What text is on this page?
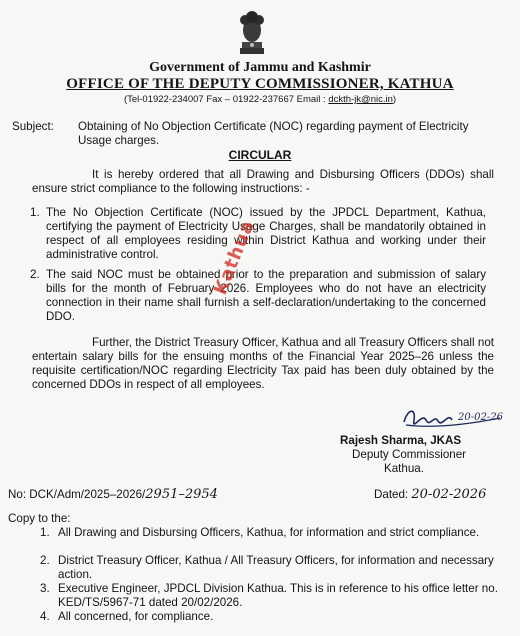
Government of Jammu and Kashmir
OFFICE OF THE DEPUTY COMMISSIONER, KATHUA
(Tel-01922-234007 Fax – 01922-237667 Email : dckth-jk@nic.in)
Subject: Obtaining of No Objection Certificate (NOC) regarding payment of Electricity Usage charges.
CIRCULAR
It is hereby ordered that all Drawing and Disbursing Officers (DDOs) shall ensure strict compliance to the following instructions: -
1. The No Objection Certificate (NOC) issued by the JPDCL Department, Kathua, certifying the payment of Electricity Usage Charges, shall be mandatorily obtained in respect of all employees residing within District Kathua and working under their administrative control.
2. The said NOC must be obtained prior to the preparation and submission of salary bills for the month of February 2026. Employees who do not have an electricity connection in their name shall furnish a self-declaration/undertaking to the concerned DDO.
Further, the District Treasury Officer, Kathua and all Treasury Officers shall not entertain salary bills for the ensuing months of the Financial Year 2025–26 unless the requisite certification/NOC regarding Electricity Tax paid has been duly obtained by the concerned DDOs in respect of all employees.
20-02-26
Rajesh Sharma, JKAS
Deputy Commissioner
Kathua.
No: DCK/Adm/2025–2026/2951–2954	Dated: 20-02-2026
Copy to the:
1. All Drawing and Disbursing Officers, Kathua, for information and strict compliance.
2. District Treasury Officer, Kathua / All Treasury Officers, for information and necessary action.
3. Executive Engineer, JPDCL Division Kathua. This is in reference to his office letter no. KED/TS/5967-71 dated 20/02/2026.
4. All concerned, for compliance.
Kathua
